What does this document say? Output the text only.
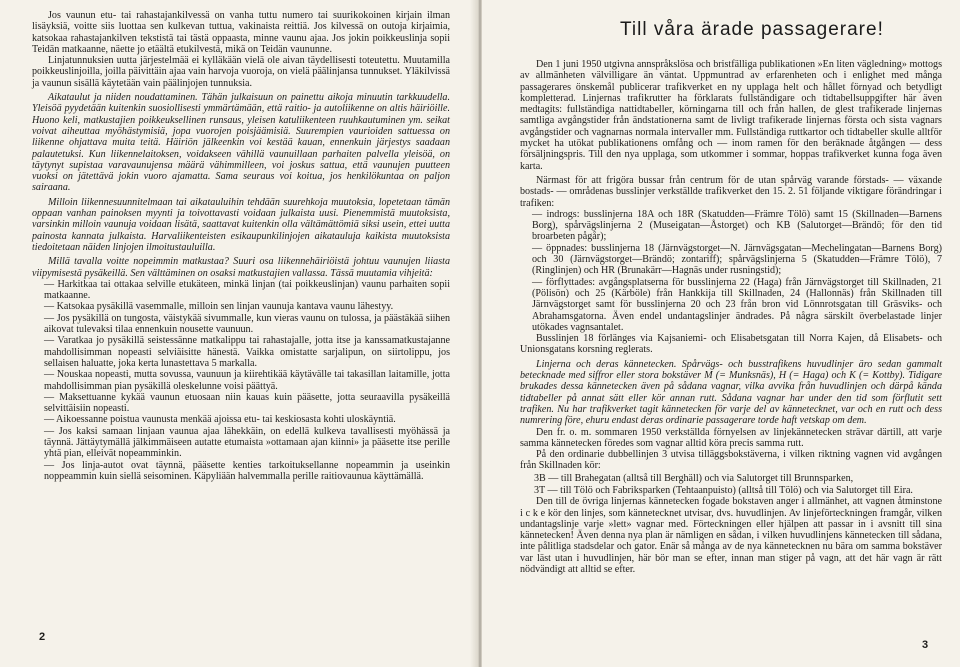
Jos vaunun etu- tai rahastajankilvessä on vanha tuttu numero tai suurikokoinen kirjain ilman lisäyksiä, voitte siis luottaa sen kulkevan tuttua, vakinaista reittiä. Jos kilvessä on outoja kirjaimia, katsokaa rahastajankilven tekstistä tai tästä oppaasta, minne vaunu ajaa. Jos jokin poikkeuslinja sopii Teidän matkaanne, näette jo etäältä etukilvestä, mikä on Teidän vaununne.

Linjatunnuksien uutta järjestelmää ei kylläkään vielä ole aivan täydellisesti toteutettu. Muutamilla poikkeuslinjoilla, joilla päivittäin ajaa vain harvoja vuoroja, on vielä päälinjansa tunnukset. Yläkilvissä ja vaunun sisällä käytetään vain päälinjojen tunnuksia.

Aikataulut ja niiden noudattaminen. Tähän julkaisuun on painettu aikoja minuutin tarkkuudella. Yleisöä pyydetään kuitenkin suosiollisesti ymmärtämään, että raitio- ja autoliikenne on altis häiriöille. Huono keli, matkustajien poikkeuksellinen runsaus, yleisen katuliikenteen ruuhkautuminen ym. seikat voivat aiheuttaa myöhästymisiä, jopa vuorojen poisjäämisiä. Suurempien vaurioiden sattuessa on liikenne ohjattava muita teitä. Häiriön jälkeenkin voi kestää kauan, ennenkuin järjestys saadaan palautetuksi. Kun liikennelaitoksen, voidakseen vähillä vaunuillaan parhaiten palvella yleisöä, on täytynyt supistaa varavaunujensa määrä vähimmilleen, voi joskus sattua, että vaunujen puutteen vuoksi on jätettävä jokin vuoro ajamatta. Sama seuraus voi koitua, jos henkilökuntaa on paljon sairaana.

Milloin liikennesuunnitelmaan tai aikatauluihin tehdään suurehkoja muutoksia, lopetetaan tämän oppaan vanhan painoksen myynti ja toivottavasti voidaan julkaista uusi. Pienemmistä muutoksista, varsinkin milloin vaunuja voidaan lisätä, saattavat kuitenkin olla vältämättömiä siksi usein, ettei uutta painosta kannata julkaista. Harvaliikenteisten esikaupunkilinjojen aikatauluja kaikista muutoksista tiedoitetaan näiden linjojen ilmoitustauluilla.

Millä tavalla voitte nopeimmin matkustaa? Suuri osa liikennehäiriöistä johtuu vaunujen liiasta viipymisestä pysäkeillä. Sen välttäminen on osaksi matkustajien vallassa. Tässä muutamia vihjeitä:

— Harkitkaa tai ottakaa selville etukäteen, minkä linjan (tai poikkeuslinjan) vaunu parhaiten sopii matkaanne.

— Katsokaa pysäkillä vasemmalle, milloin sen linjan vaunuja kantava vaunu lähestyy.

— Jos pysäkillä on tungosta, väistykää sivummalle, kun vieras vaunu on tulossa, ja päästäkää siihen aikovat tulevaksi tilaa ennenkuin nousette vaunuun.

— Varatkaa jo pysäkillä seistessänne matkalippu tai rahastajalle, jotta itse ja kanssamatkustajanne mahdollisimman nopeasti selviäisitte hänestä. Vaikka omistatte sarjalipun, on siirtolippu, jos sellaisen haluatte, joka kerta lunastettava 5 markalla.

— Nouskaa nopeasti, mutta sovussa, vaunuun ja kiirehtikää käytävälle tai takasillan laitamille, jotta mahdollisimman pian pysäkillä oleskelunne voisi päättyä.

— Maksettuanne kykää vaunun etuosaan niin kauas kuin pääsette, jotta seuraavilla pysäkeillä selvittäisiin nopeasti.

— Aikoessanne poistua vaunusta menkää ajoissa etu- tai keskiosasta kohti uloskäyntiä.

— Jos kaksi samaan linjaan vaunua ajaa lähekkäin, on edellä kulkeva tavallisesti myöhässä ja täynnä. Jättäytymällä jälkimmäiseen autatte etumaista »ottamaan ajan kiinni» ja pääsette itse perille yhtä pian, elleivät nopeamminkin.

— Jos linja-autot ovat täynnä, pääsette kenties tarkoituksellanne nopeammin ja useinkin noppeammin kuin siellä seisominen. Käpyliään halvemmalla perille raitiovaunua käyttämällä.

2
Till våra ärade passagerare!

Den 1 juni 1950 utgivna annspråkslösa och bristfälliga publikationen »En liten vägledning» mottogs av allmänheten välvilligare än väntat. Uppmuntrad av erfarenheten och i enlighet med många passagerares önskemål publicerar trafikverket en ny upplaga helt och hållet förnyad och betydligt kompletterad. Linjernas trafikrutter ha förklarats fullständigare och tidtabellsuppgifter här även medtagits: fullständiga nattidtabeller, körningarna till och från hallen, de glest trafikerade linjernas samtliga avgångstider från ändstationerna samt de livligt trafikerade linjernas första och sista vagnars avgångstider och vagnarnas normala intervaller mm. Fullständiga ruttkartor och tidtabeller skulle alltför mycket ha utökat publikationens omfång och — inom ramen för den beräknade åtgången — dess försäljningspris. Till den nya upplaga, som utkommer i sommar, hoppas trafikverket kunna foga även karta.

Närmast för att frigöra bussar från centrum för de utan spårväg varande förstads- — växande bostads- — områdenas busslinjer verkställde trafikverket den 15. 2. 51 följande viktigare förändringar i trafiken:

— indrogs: busslinjerna 18A och 18R (Skatudden—Främre Tölö) samt 15 (Skillnaden—Barnens Borg), spårvägslinjerna 2 (Museigatan—Åstorget) och KB (Salutorget—Brändö; för den tid broarbeten pågår);

— öppnades: busslinjerna 18 (Järnvägstorget—N. Järnvägsgatan—Mechelingatan—Barnens Borg) och 30 (Järnvägstorget—Brändö; zontariff); spårvägslinjerna 5 (Skatudden—Främre Tölö), 7 (Ringlinjen) och HR (Brunakärr—Hagnäs under rusningstid);

— förflyttades: avgångsplatserna för busslinjerna 22 (Haga) från Järnvägstorget till Skillnaden, 21 (Pölisön) och 25 (Kärböle) från Hankkija till Skillnaden, 24 (Hallonnäs) från Skillnaden till Järnvägstorget samt för busslinjerna 20 och 23 från bron vid Lönnrotsgatan till Gräsviks- och Abrahamsgatorna. Även endel undantagslinjer ändrades. På några särskilt överbelastade linjer utökades vagnsantalet.

Busslinjen 18 förlänges via Kajsaniemi- och Elisabetsgatan till Norra Kajen, då Elisabets- och Unionsgatans korsning reglerats.

Linjerna och deras kännetecken. Spårvägs- och busstrafikens huvudlinjer äro sedan gammalt betecknade med siffror eller stora bokstäver M (= Munksnäs), H (= Haga) och K (= Kottby). Tidigare brukades dessa kännetecken även på sådana vagnar, vilka avvika från huvudlinjen och därpå kända tidtabeller på annat sätt eller kör annan rutt. Sådana vagnar har under den tid som förflutit sett trafiken. Nu har trafikverket tagit kännetecken för varje del av kännetecknet, var och en rutt och dess numrering före, ehuru endast deras ordinarie passagerare torde haft vetskap om dem.

Den fr. o. m. sommaren 1950 verkställda förnyelsen av linjekännetecken strävar därtill, att varje samma kännetecken föredes som vagnar alltid köra precis samma rutt.

På den ordinarie dubbellinjen 3 utvisa tilläggsbokstäverna, i vilken riktning vagnen vid avgången från Skillnaden kör:

3B — till Brahegatan (alltså till Berghäll) och via Salutorget till Brunnsparken,

3T — till Tölö och Fabriksparken (Tehtaanpuisto) (alltså till Tölö) och via Salutorget till Eira.

Den till de övriga linjernas kännetecken fogade bokstaven anger i allmänhet, att vagnen åtminstone i c k e kör den linjes, som kännetecknet utvisar, dvs. huvudlinjen. Av linjeförteckningen framgår, vilken undantagslinje varje »lett» vagnar med. Förteckningen eller hjälpen att passar in i avsnitt till sina kännetecken! Även denna nya plan är nämligen en sådan, i vilken huvudlinjens kännetecken till sådana, inte pålitliga stadsdelar och gator. Enär så många av de nya kännetecknen nu bära om samma bokstäver var läst utan i huvudlinjen, här bör man se efter, innan man stiger på vagn, att det här vagn är rätt nödvändigt att alltid se efter.

3
